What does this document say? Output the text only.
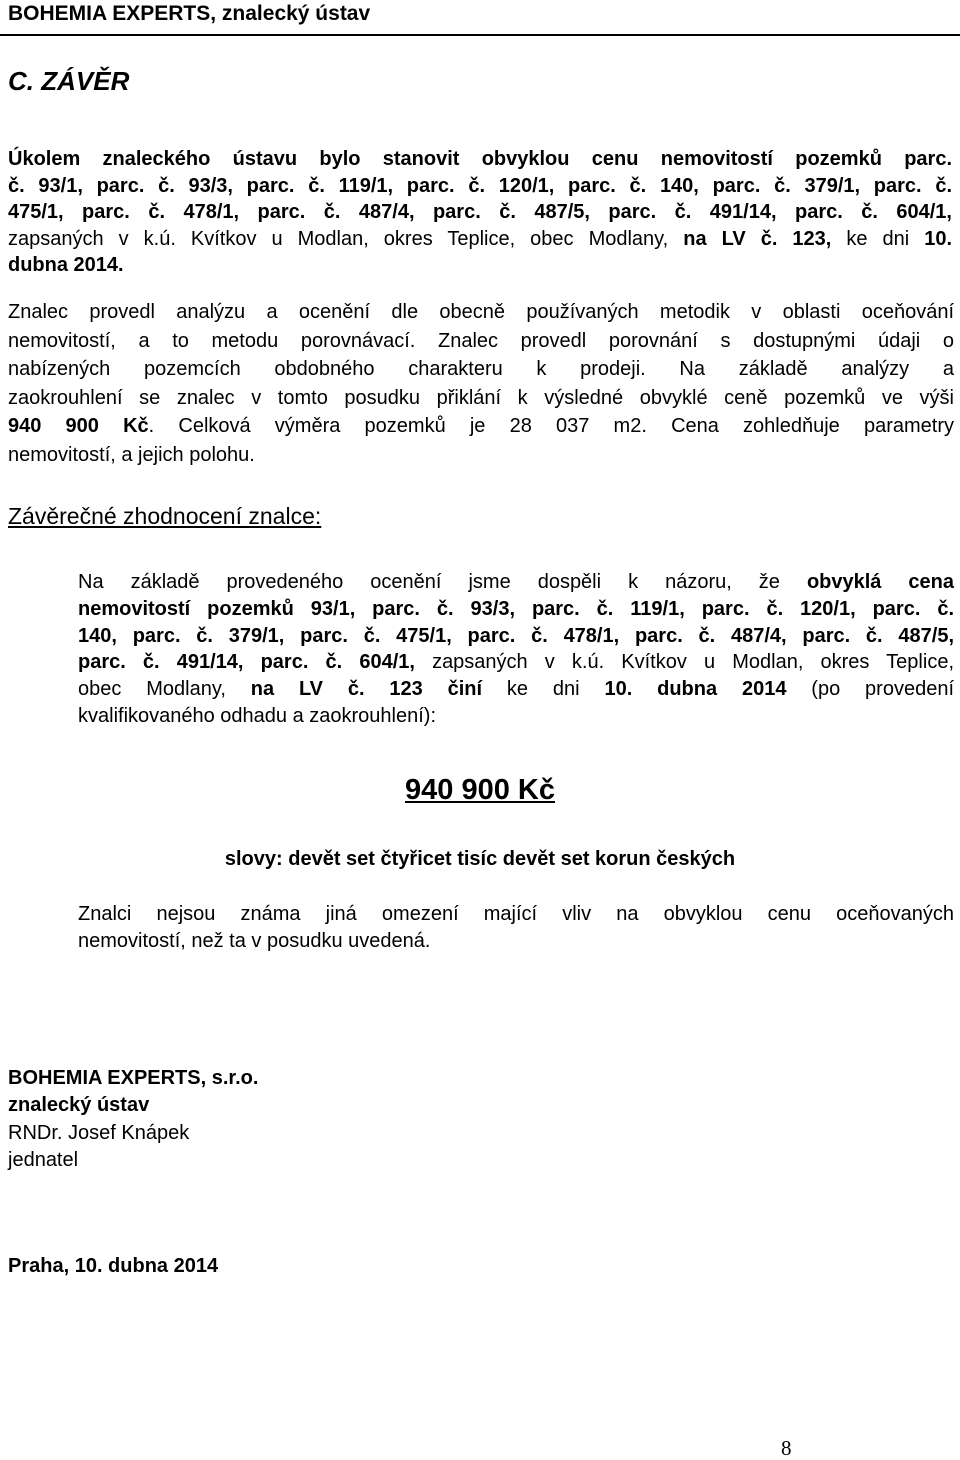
BOHEMIA EXPERTS, znalecký ústav
C. ZÁVĚR
Úkolem znaleckého ústavu bylo stanovit obvyklou cenu nemovitostí pozemků parc.
č. 93/1, parc. č. 93/3, parc. č. 119/1, parc. č. 120/1, parc. č. 140, parc. č. 379/1, parc. č.
475/1, parc. č. 478/1, parc. č. 487/4, parc. č. 487/5, parc. č. 491/14, parc. č. 604/1,
zapsaných v k.ú. Kvítkov u Modlan, okres Teplice, obec Modlany, na LV č. 123, ke dni 10.
dubna 2014.
Znalec provedl analýzu a ocenění dle obecně používaných metodik v oblasti oceňování
nemovitostí, a to metodu porovnávací. Znalec provedl porovnání s dostupnými údaji o
nabízených pozemcích obdobného charakteru k prodeji. Na základě analýzy a
zaokrouhlení se znalec v tomto posudku přiklání k výsledné obvyklé ceně pozemků ve výši
940 900 Kč. Celková výměra pozemků je 28 037 m2. Cena zohledňuje parametry
nemovitostí, a jejich polohu.
Závěrečné zhodnocení znalce:
Na základě provedeného ocenění jsme dospěli k názoru, že obvyklá cena
nemovitostí pozemků 93/1, parc. č. 93/3, parc. č. 119/1, parc. č. 120/1, parc. č.
140, parc. č. 379/1, parc. č. 475/1, parc. č. 478/1, parc. č. 487/4, parc. č. 487/5,
parc. č. 491/14, parc. č. 604/1, zapsaných v k.ú. Kvítkov u Modlan, okres Teplice,
obec Modlany, na LV č. 123 činí ke dni 10. dubna 2014 (po provedení
kvalifikovaného odhadu a zaokrouhlení):
940 900 Kč
slovy: devět set čtyřicet tisíc devět set korun českých
Znalci nejsou známa jiná omezení mající vliv na obvyklou cenu oceňovaných
nemovitostí, než ta v posudku uvedená.
BOHEMIA EXPERTS, s.r.o.
znalecký ústav
RNDr. Josef Knápek
jednatel
Praha, 10. dubna 2014
8
